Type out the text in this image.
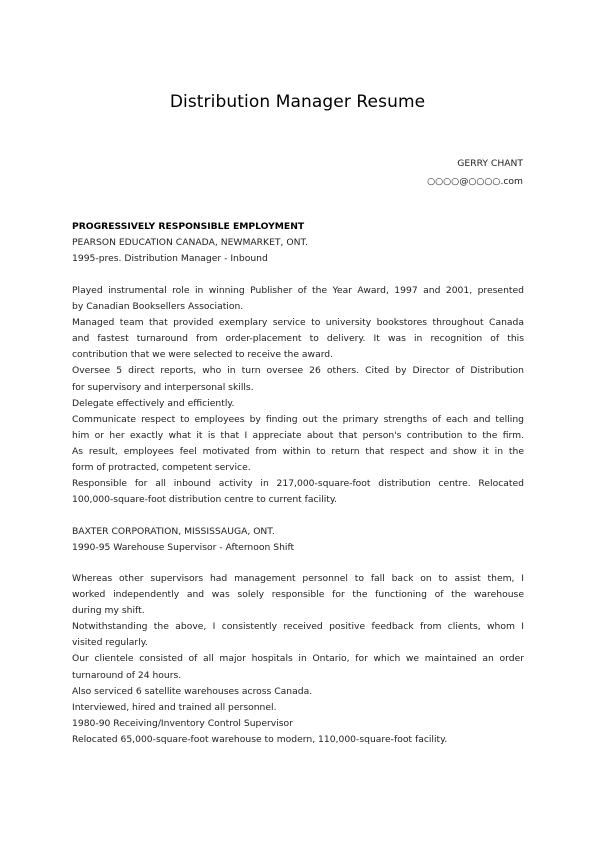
Distribution Manager Resume
GERRY CHANT
○○○○@○○○○.com
PROGRESSIVELY RESPONSIBLE EMPLOYMENT
PEARSON EDUCATION CANADA, NEWMARKET, ONT.
1995-pres. Distribution Manager - Inbound
Played instrumental role in winning Publisher of the Year Award, 1997 and 2001, presented
by Canadian Booksellers Association.
Managed team that provided exemplary service to university bookstores throughout Canada
and fastest turnaround from order-placement to delivery. It was in recognition of this
contribution that we were selected to receive the award.
Oversee 5 direct reports, who in turn oversee 26 others. Cited by Director of Distribution
for supervisory and interpersonal skills.
Delegate effectively and efficiently.
Communicate respect to employees by finding out the primary strengths of each and telling
him or her exactly what it is that I appreciate about that person's contribution to the firm.
As result, employees feel motivated from within to return that respect and show it in the
form of protracted, competent service.
Responsible for all inbound activity in 217,000-square-foot distribution centre. Relocated
100,000-square-foot distribution centre to current facility.
BAXTER CORPORATION, MISSISSAUGA, ONT.
1990-95 Warehouse Supervisor - Afternoon Shift
Whereas other supervisors had management personnel to fall back on to assist them, I
worked independently and was solely responsible for the functioning of the warehouse
during my shift.
Notwithstanding the above, I consistently received positive feedback from clients, whom I
visited regularly.
Our clientele consisted of all major hospitals in Ontario, for which we maintained an order
turnaround of 24 hours.
Also serviced 6 satellite warehouses across Canada.
Interviewed, hired and trained all personnel.
1980-90 Receiving/Inventory Control Supervisor
Relocated 65,000-square-foot warehouse to modern, 110,000-square-foot facility.
